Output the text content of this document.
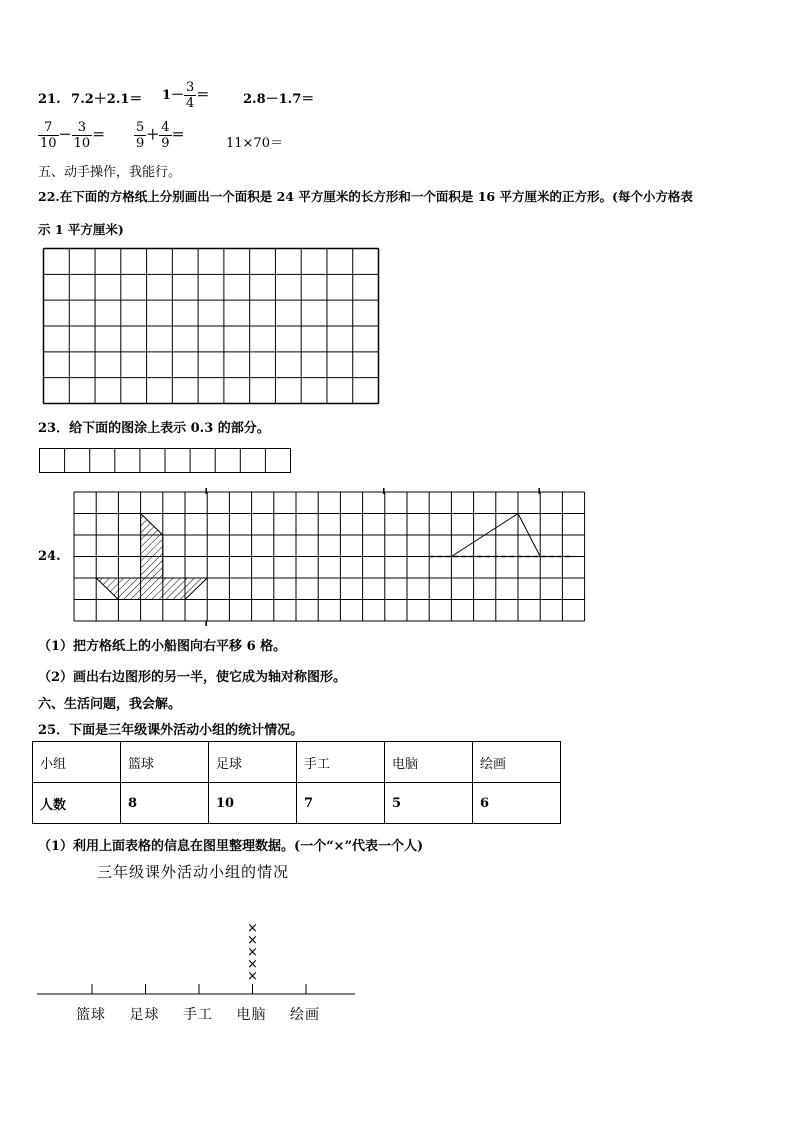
21. $7.2+2.1= 1- \frac{3}{4}$ ＝	2.8－1.7＝
$\frac{7}{10} - \frac{3}{10} = \frac{5}{9} + \frac{4}{9}$ ＝
11×70＝
五、动手操作，我能行。
22.在下面的方格纸上分别画出一个面积是 24 平方厘米的长方形和一个面积是 16 平方厘米的正方形。(每个小方格表
示 1 平方厘米)
23．给下面的图涂上表示 0.3 的部分。
24.
（1）把方格纸上的小船图向右平移 6 格。
（2）画出右边图形的另一半，使它成为轴对称图形。
六、生活问题，我会解。
25．下面是三年级课外活动小组的统计情况。
小组	篮球	足球	手工	电脑	绘画
人数	8	10	7	5	6
（1）利用上面表格的信息在图里整理数据。(一个“×”代表一个人)
三年级课外活动小组的情况
×
×
×
×
×
篮球 足球 手工 电脑 绘画
